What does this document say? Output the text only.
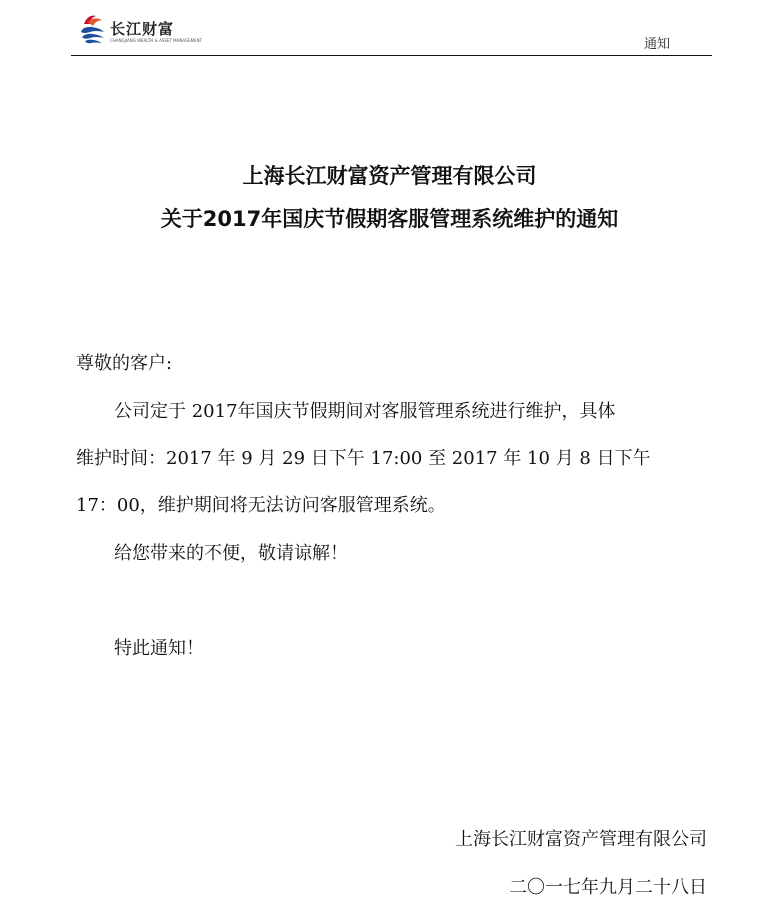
长江财富
CHANGJIANG WEALTH & ASSET MANAGEMENT	通知
上海长江财富资产管理有限公司
关于2017年国庆节假期客服管理系统维护的通知
尊敬的客户:
公司定于 2017年国庆节假期间对客服管理系统进行维护，具体
维护时间：2017 年 9 月 29 日下午 17:00 至 2017 年 10 月 8 日下午
17：00，维护期间将无法访问客服管理系统。
给您带来的不便，敬请谅解！
特此通知！
上海长江财富资产管理有限公司
二〇一七年九月二十八日
